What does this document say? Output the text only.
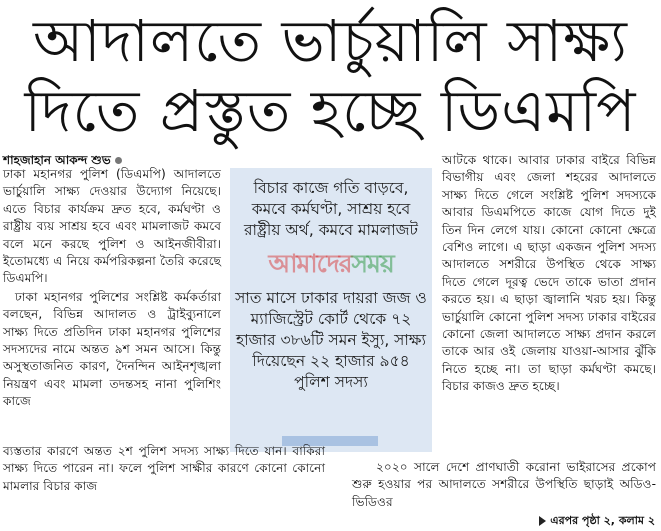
আদালতে ভার্চুয়ালি সাক্ষ্য
দিতে প্রস্তুত হচ্ছে ডিএমপি
শাহজাহান আকন্দ শুভ

ঢাকা মহানগর পুলিশ (ডিএমপি) আদালতে ভার্চুয়ালি সাক্ষ্য দেওয়ার উদ্যোগ নিয়েছে। এতে বিচার কার্যক্রম দ্রুত হবে, কর্মঘণ্টা ও রাষ্ট্রীয় ব্যয় সাশ্রয় হবে এবং মামলাজট কমবে বলে মনে করছে পুলিশ ও আইনজীবীরা। ইতোমধ্যে এ নিয়ে কর্মপরিকল্পনা তৈরি করেছে ডিএমপি।

ঢাকা মহানগর পুলিশের সংশ্লিষ্ট কর্মকর্তারা বলছেন, বিভিন্ন আদালত ও ট্রাইব্যুনালে সাক্ষ্য দিতে প্রতিদিন ঢাকা মহানগর পুলিশের সদস্যদের নামে অন্তত ৯শ সমন আসে। কিন্তু অসুস্থতাজনিত কারণ, দৈনন্দিন আইনশৃঙ্খলা নিয়ন্ত্রণ এবং মামলা তদন্তসহ নানা পুলিশিং কাজে

বিচার কাজে গতি বাড়বে, কমবে কর্মঘণ্টা, সাশ্রয় হবে রাষ্ট্রীয় অর্থ, কমবে মামলাজট
সাত মাসে ঢাকার দায়রা জজ ও ম্যাজিস্ট্রেট কোর্ট থেকে ৭২ হাজার ৩৮৬টি সমন ইস্যু, সাক্ষ্য দিয়েছেন ২২ হাজার ৯৫৪ পুলিশ সদস্য
আমাদেরসময়

আটকে থাকে। আবার ঢাকার বাইরে বিভিন্ন বিভাগীয় এবং জেলা শহরের আদালতে সাক্ষ্য দিতে গেলে সংশ্লিষ্ট পুলিশ সদস্যকে আবার ডিএমপিতে কাজে যোগ দিতে দুই তিন দিন লেগে যায়। কোনো কোনো ক্ষেত্রে বেশিও লাগে। এ ছাড়া একজন পুলিশ সদস্য আদালতে সশরীরে উপস্থিত থেকে সাক্ষ্য দিতে গেলে দূরত্ব ভেদে তাকে ভাতা প্রদান করতে হয়। এ ছাড়া জ্বালানি খরচ হয়। কিন্তু ভার্চুয়ালি কোনো পুলিশ সদস্য ঢাকার বাইরের কোনো জেলা আদালতে সাক্ষ্য প্রদান করলে তাকে আর ওই জেলায় যাওয়া-আসার ঝুঁকি নিতে হচ্ছে না। তা ছাড়া কর্মঘণ্টা কমছে। বিচার কাজও দ্রুত হচ্ছে।

ব্যস্ততার কারণে অন্তত ২শ পুলিশ সদস্য সাক্ষ্য দিতে যান। বাকিরা সাক্ষ্য দিতে পারেন না। ফলে পুলিশ সাক্ষীর কারণে কোনো কোনো মামলার বিচার কাজ

২০২০ সালে দেশে প্রাণঘাতী করোনা ভাইরাসের প্রকোপ শুরু হওয়ার পর আদালতে সশরীরে উপস্থিতি ছাড়াই অডিও-ভিডিওর

এরপর পৃষ্ঠা ২, কলাম ২
